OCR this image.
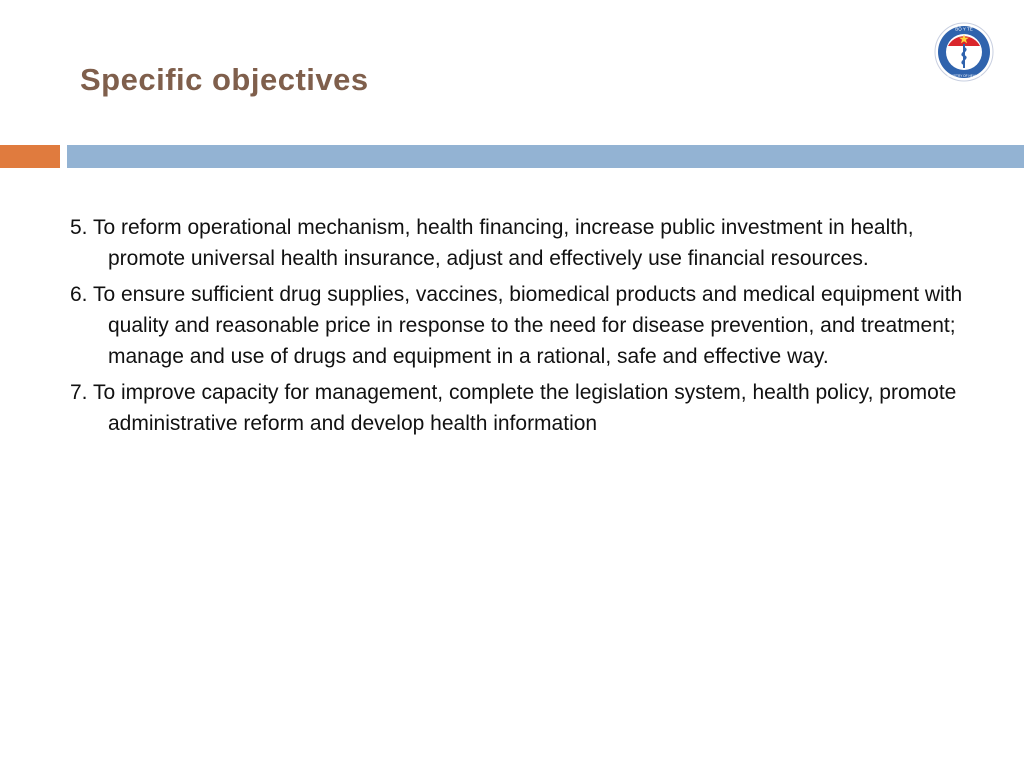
Specific objectives
BỘ Y TẾ
MINISTRY OF HEALTH

5. To reform operational mechanism, health financing, increase public investment in health, promote universal health insurance, adjust and effectively use financial resources.

6. To ensure sufficient drug supplies, vaccines, biomedical products and medical equipment with quality and reasonable price in response to the need for disease prevention, and treatment; manage and use of drugs and equipment in a rational, safe and effective way.

7. To improve capacity for management, complete the legislation system, health policy, promote administrative reform and develop health information
